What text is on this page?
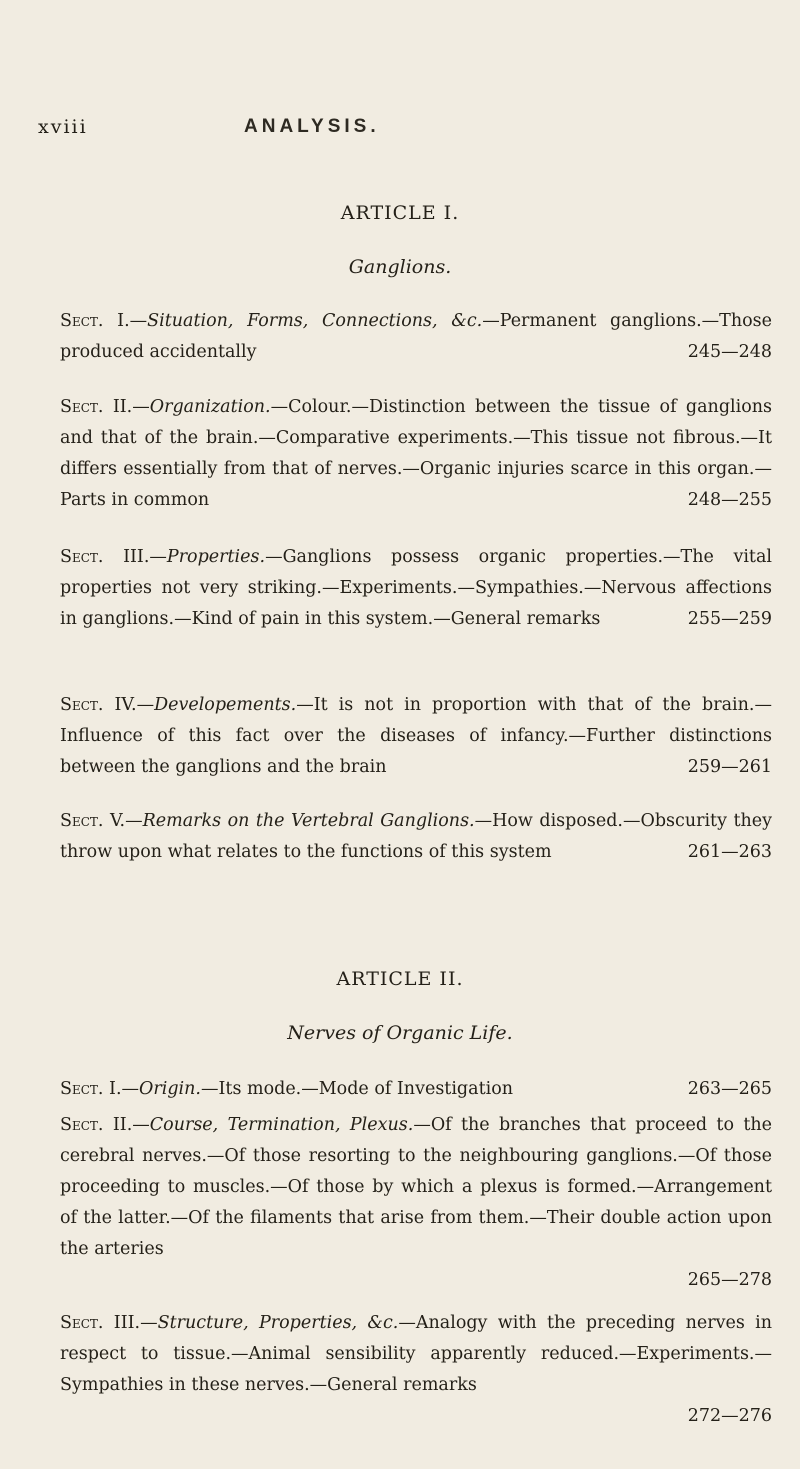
xviii	ANALYSIS.
ARTICLE I.
Ganglions.
Sect. I.—Situation, Forms, Connections, &c.—Permanent ganglions.—Those produced accidentally	245—248
Sect. II.—Organization.—Colour.—Distinction between the tissue of ganglions and that of the brain.—Comparative experiments.—This tissue not fibrous.—It differs essentially from that of nerves.—Organic injuries scarce in this organ.—Parts in common	248—255
Sect. III.—Properties.—Ganglions possess organic properties.—The vital properties not very striking.—Experiments.—Sympathies.—Nervous affections in ganglions.—Kind of pain in this system.—General remarks	255—259
Sect. IV.—Developements.—It is not in proportion with that of the brain.—Influence of this fact over the diseases of infancy.—Further distinctions between the ganglions and the brain	259—261
Sect. V.—Remarks on the Vertebral Ganglions.—How disposed.—Obscurity they throw upon what relates to the functions of this system	261—263
ARTICLE II.
Nerves of Organic Life.
Sect. I.—Origin.—Its mode.—Mode of Investigation	263—265
Sect. II.—Course, Termination, Plexus.—Of the branches that proceed to the cerebral nerves.—Of those resorting to the neighbouring ganglions.—Of those proceeding to muscles.—Of those by which a plexus is formed.—Arrangement of the latter.—Of the filaments that arise from them.—Their double action upon the arteries
265—278
Sect. III.—Structure, Properties, &c.—Analogy with the preceding nerves in respect to tissue.—Animal sensibility apparently reduced.—Experiments.—Sympathies in these nerves.—General remarks
272—276
